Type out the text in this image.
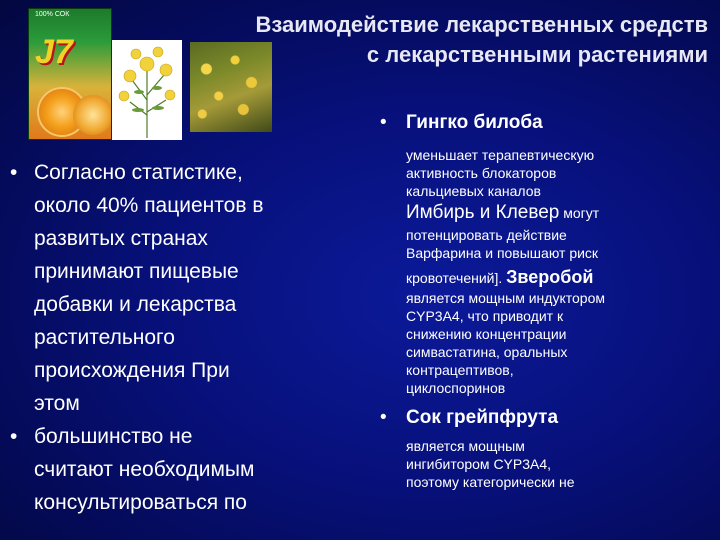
Взаимодействие лекарственных средств
с лекарственными растениями
100% СОК
J7
• Согласно статистике,
около 40% пациентов в
развитых странах
принимают пищевые
добавки и лекарства
растительного
происхождения При
этом
• большинство не
считают необходимым
консультироваться по
• Гингко билоба
уменьшает терапевтическую
активность блокаторов
кальциевых каналов
Имбирь и Клевер могут
потенцировать действие
Варфарина и повышают риск
кровотечений]. Зверобой
является мощным индуктором
CYP3A4, что приводит к
снижению концентрации
симвастатина, оральных
контрацептивов,
циклоспоринов
• Сок грейпфрута
является мощным
ингибитором CYP3A4,
поэтому категорически не
